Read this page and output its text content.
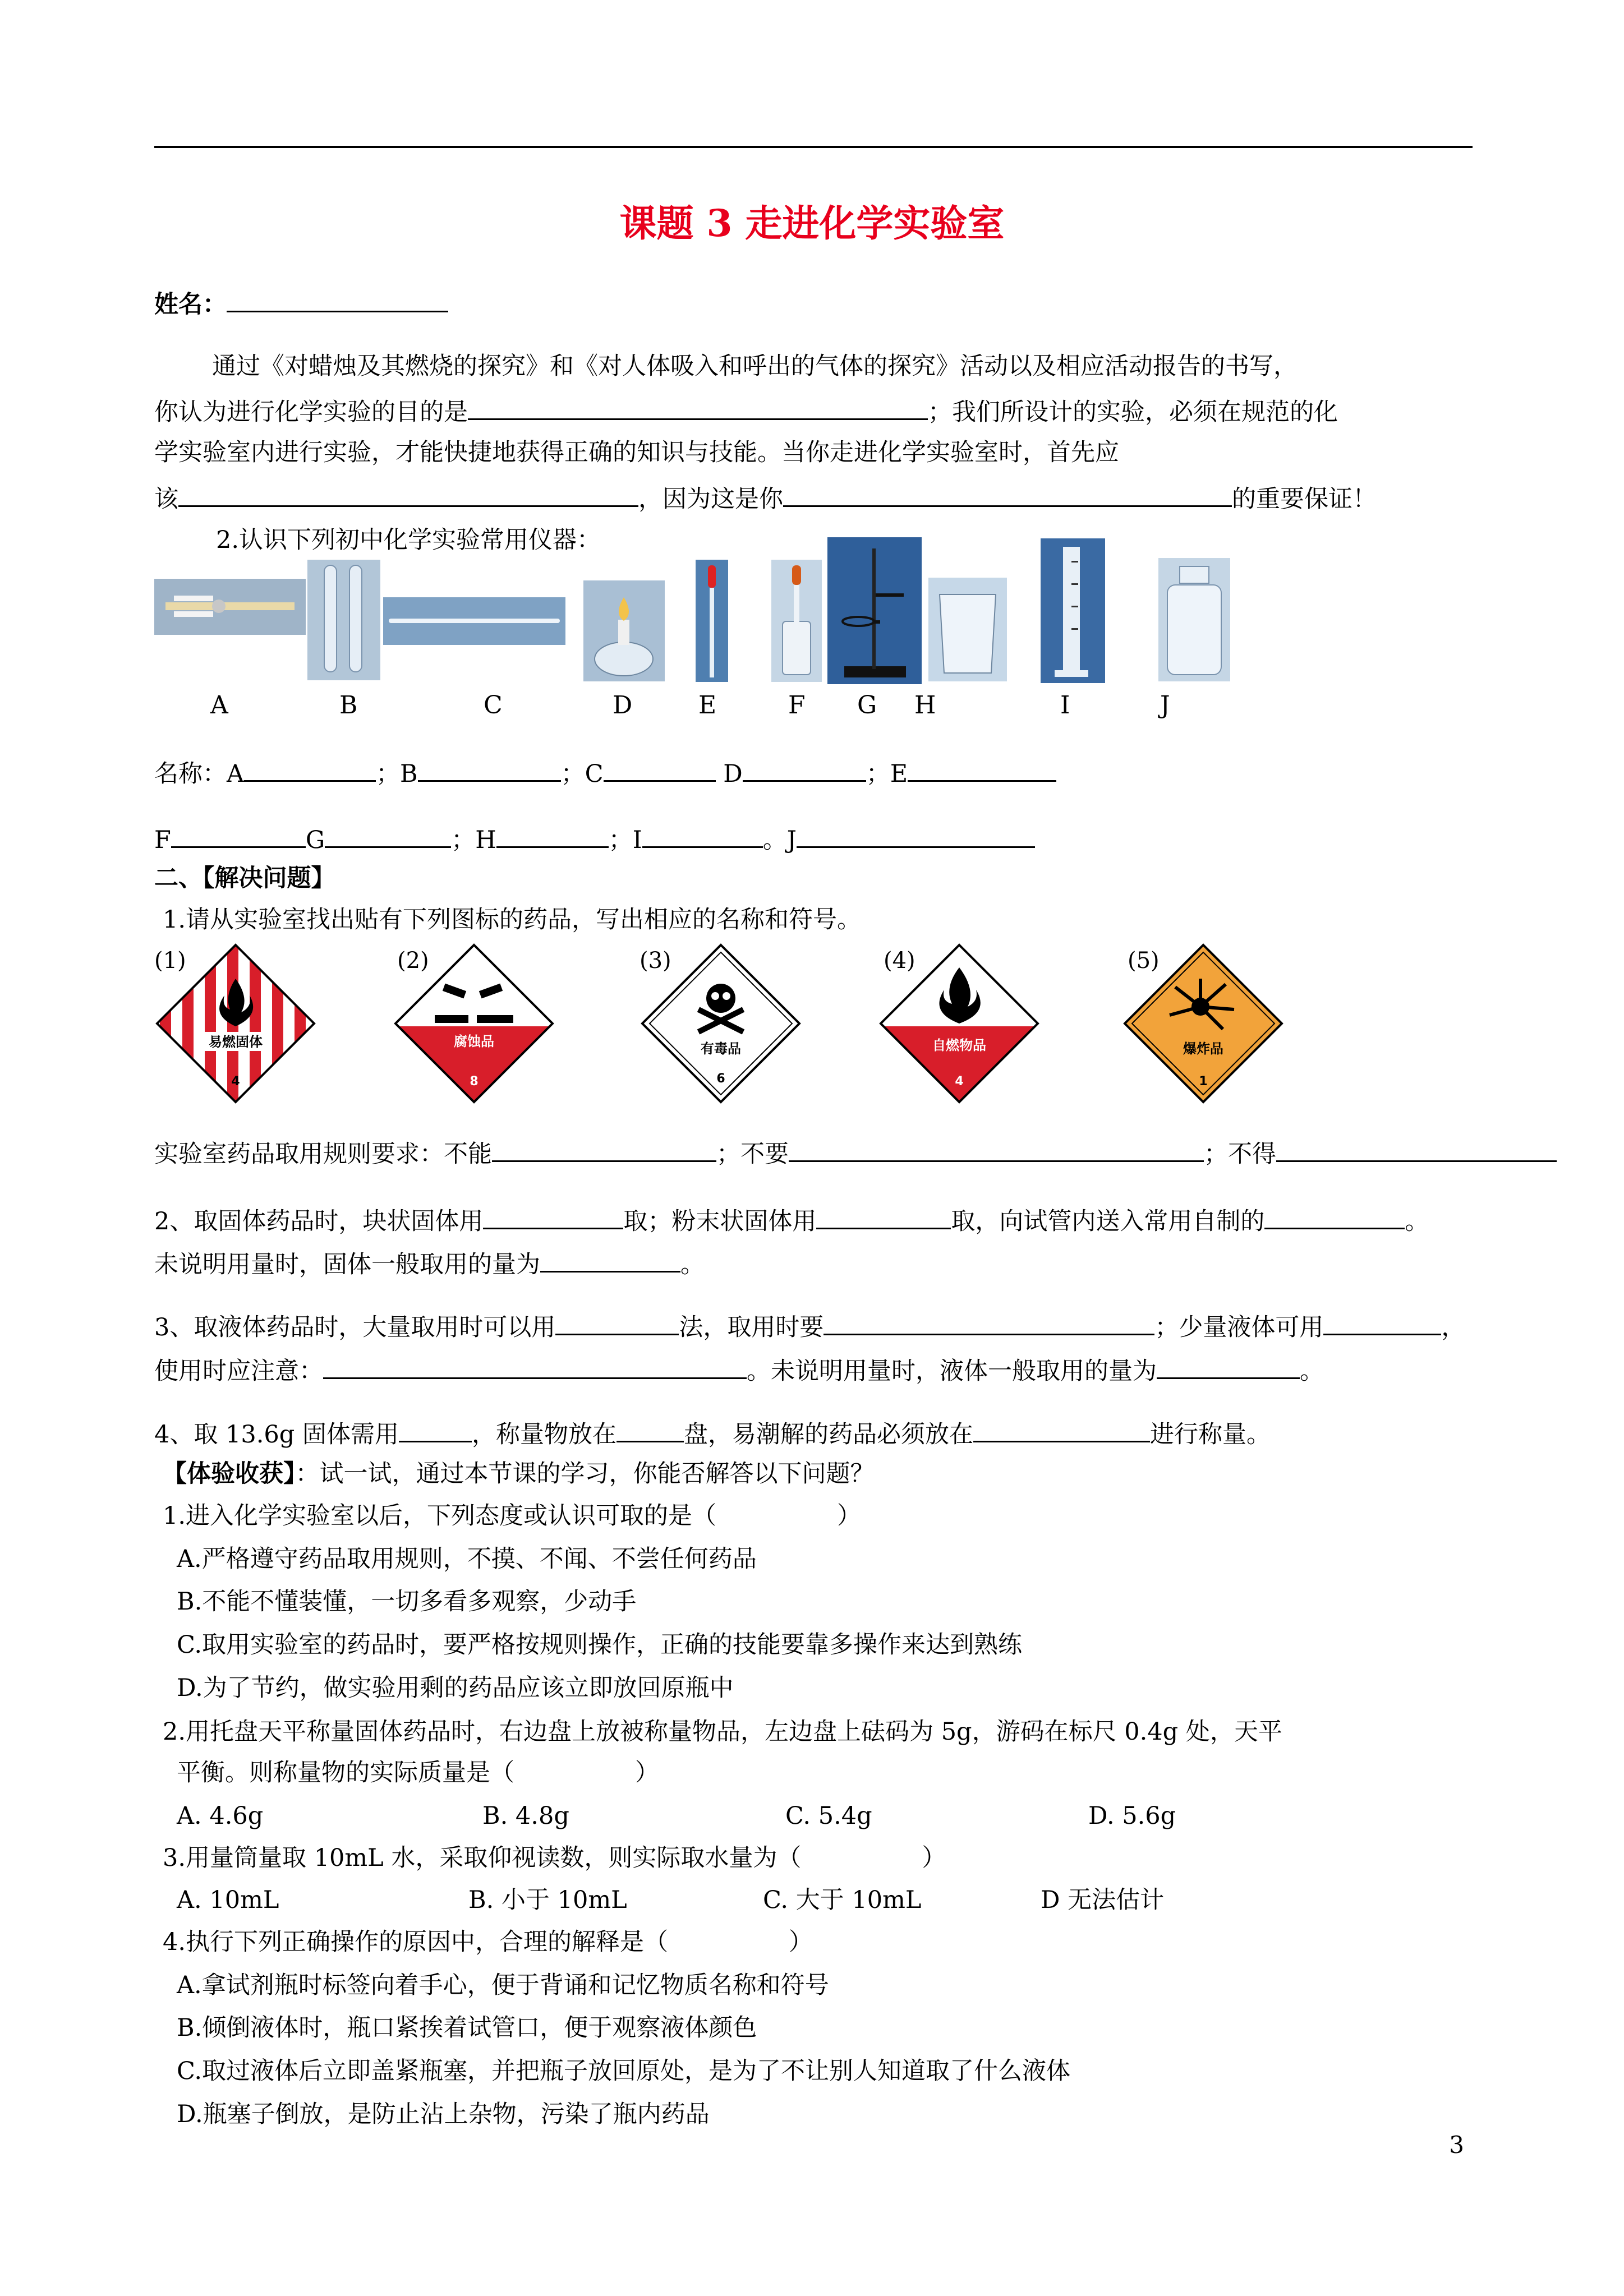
课题 3 走进化学实验室
姓名：
通过《对蜡烛及其燃烧的探究》和《对人体吸入和呼出的气体的探究》活动以及相应活动报告的书写，
你认为进行化学实验的目的是	；我们所设计的实验，必须在规范的化
学实验室内进行实验，才能快捷地获得正确的知识与技能。当你走进化学实验室时，首先应
该	，因为这是你	的重要保证！
2.认识下列初中化学实验常用仪器：
A	B	C	D	E	F G H	I	J
名称：A	；B	；C	D	；E
F	G	；H	；I	。J
二、【解决问题】
1.请从实验室找出贴有下列图标的药品，写出相应的名称和符号。
(1)	(2)	(3)	(4)	(5)
易燃固体
4
腐蚀品
8
有毒品
6
自燃物品
4
爆炸品
1
实验室药品取用规则要求：不能	；不要	；不得
2、取固体药品时，块状固体用	取；粉末状固体用	取，向试管内送入常用自制的	。
未说明用量时，固体一般取用的量为	。
3、取液体药品时，大量取用时可以用	法，取用时要	；少量液体可用	，
使用时应注意：	。未说明用量时，液体一般取用的量为	。
4、取 13.6g 固体需用	，称量物放在	盘，易潮解的药品必须放在	进行称量。
【体验收获】：试一试，通过本节课的学习，你能否解答以下问题？
1.进入化学实验室以后，下列态度或认识可取的是（　　　　　）
A.严格遵守药品取用规则，不摸、不闻、不尝任何药品
B.不能不懂装懂，一切多看多观察，少动手
C.取用实验室的药品时，要严格按规则操作，正确的技能要靠多操作来达到熟练
D.为了节约，做实验用剩的药品应该立即放回原瓶中
2.用托盘天平称量固体药品时，右边盘上放被称量物品，左边盘上砝码为 5g，游码在标尺 0.4g 处，天平
平衡。则称量物的实际质量是（　　　　　）
A. 4.6g	B. 4.8g	C. 5.4g	D. 5.6g
3.用量筒量取 10mL 水，采取仰视读数，则实际取水量为（　　　　　）
A. 10mL	B. 小于 10mL	C. 大于 10mL	D 无法估计
4.执行下列正确操作的原因中，合理的解释是（　　　　　）
A.拿试剂瓶时标签向着手心，便于背诵和记忆物质名称和符号
B.倾倒液体时，瓶口紧挨着试管口，便于观察液体颜色
C.取过液体后立即盖紧瓶塞，并把瓶子放回原处，是为了不让别人知道取了什么液体
D.瓶塞子倒放，是防止沾上杂物，污染了瓶内药品
3
